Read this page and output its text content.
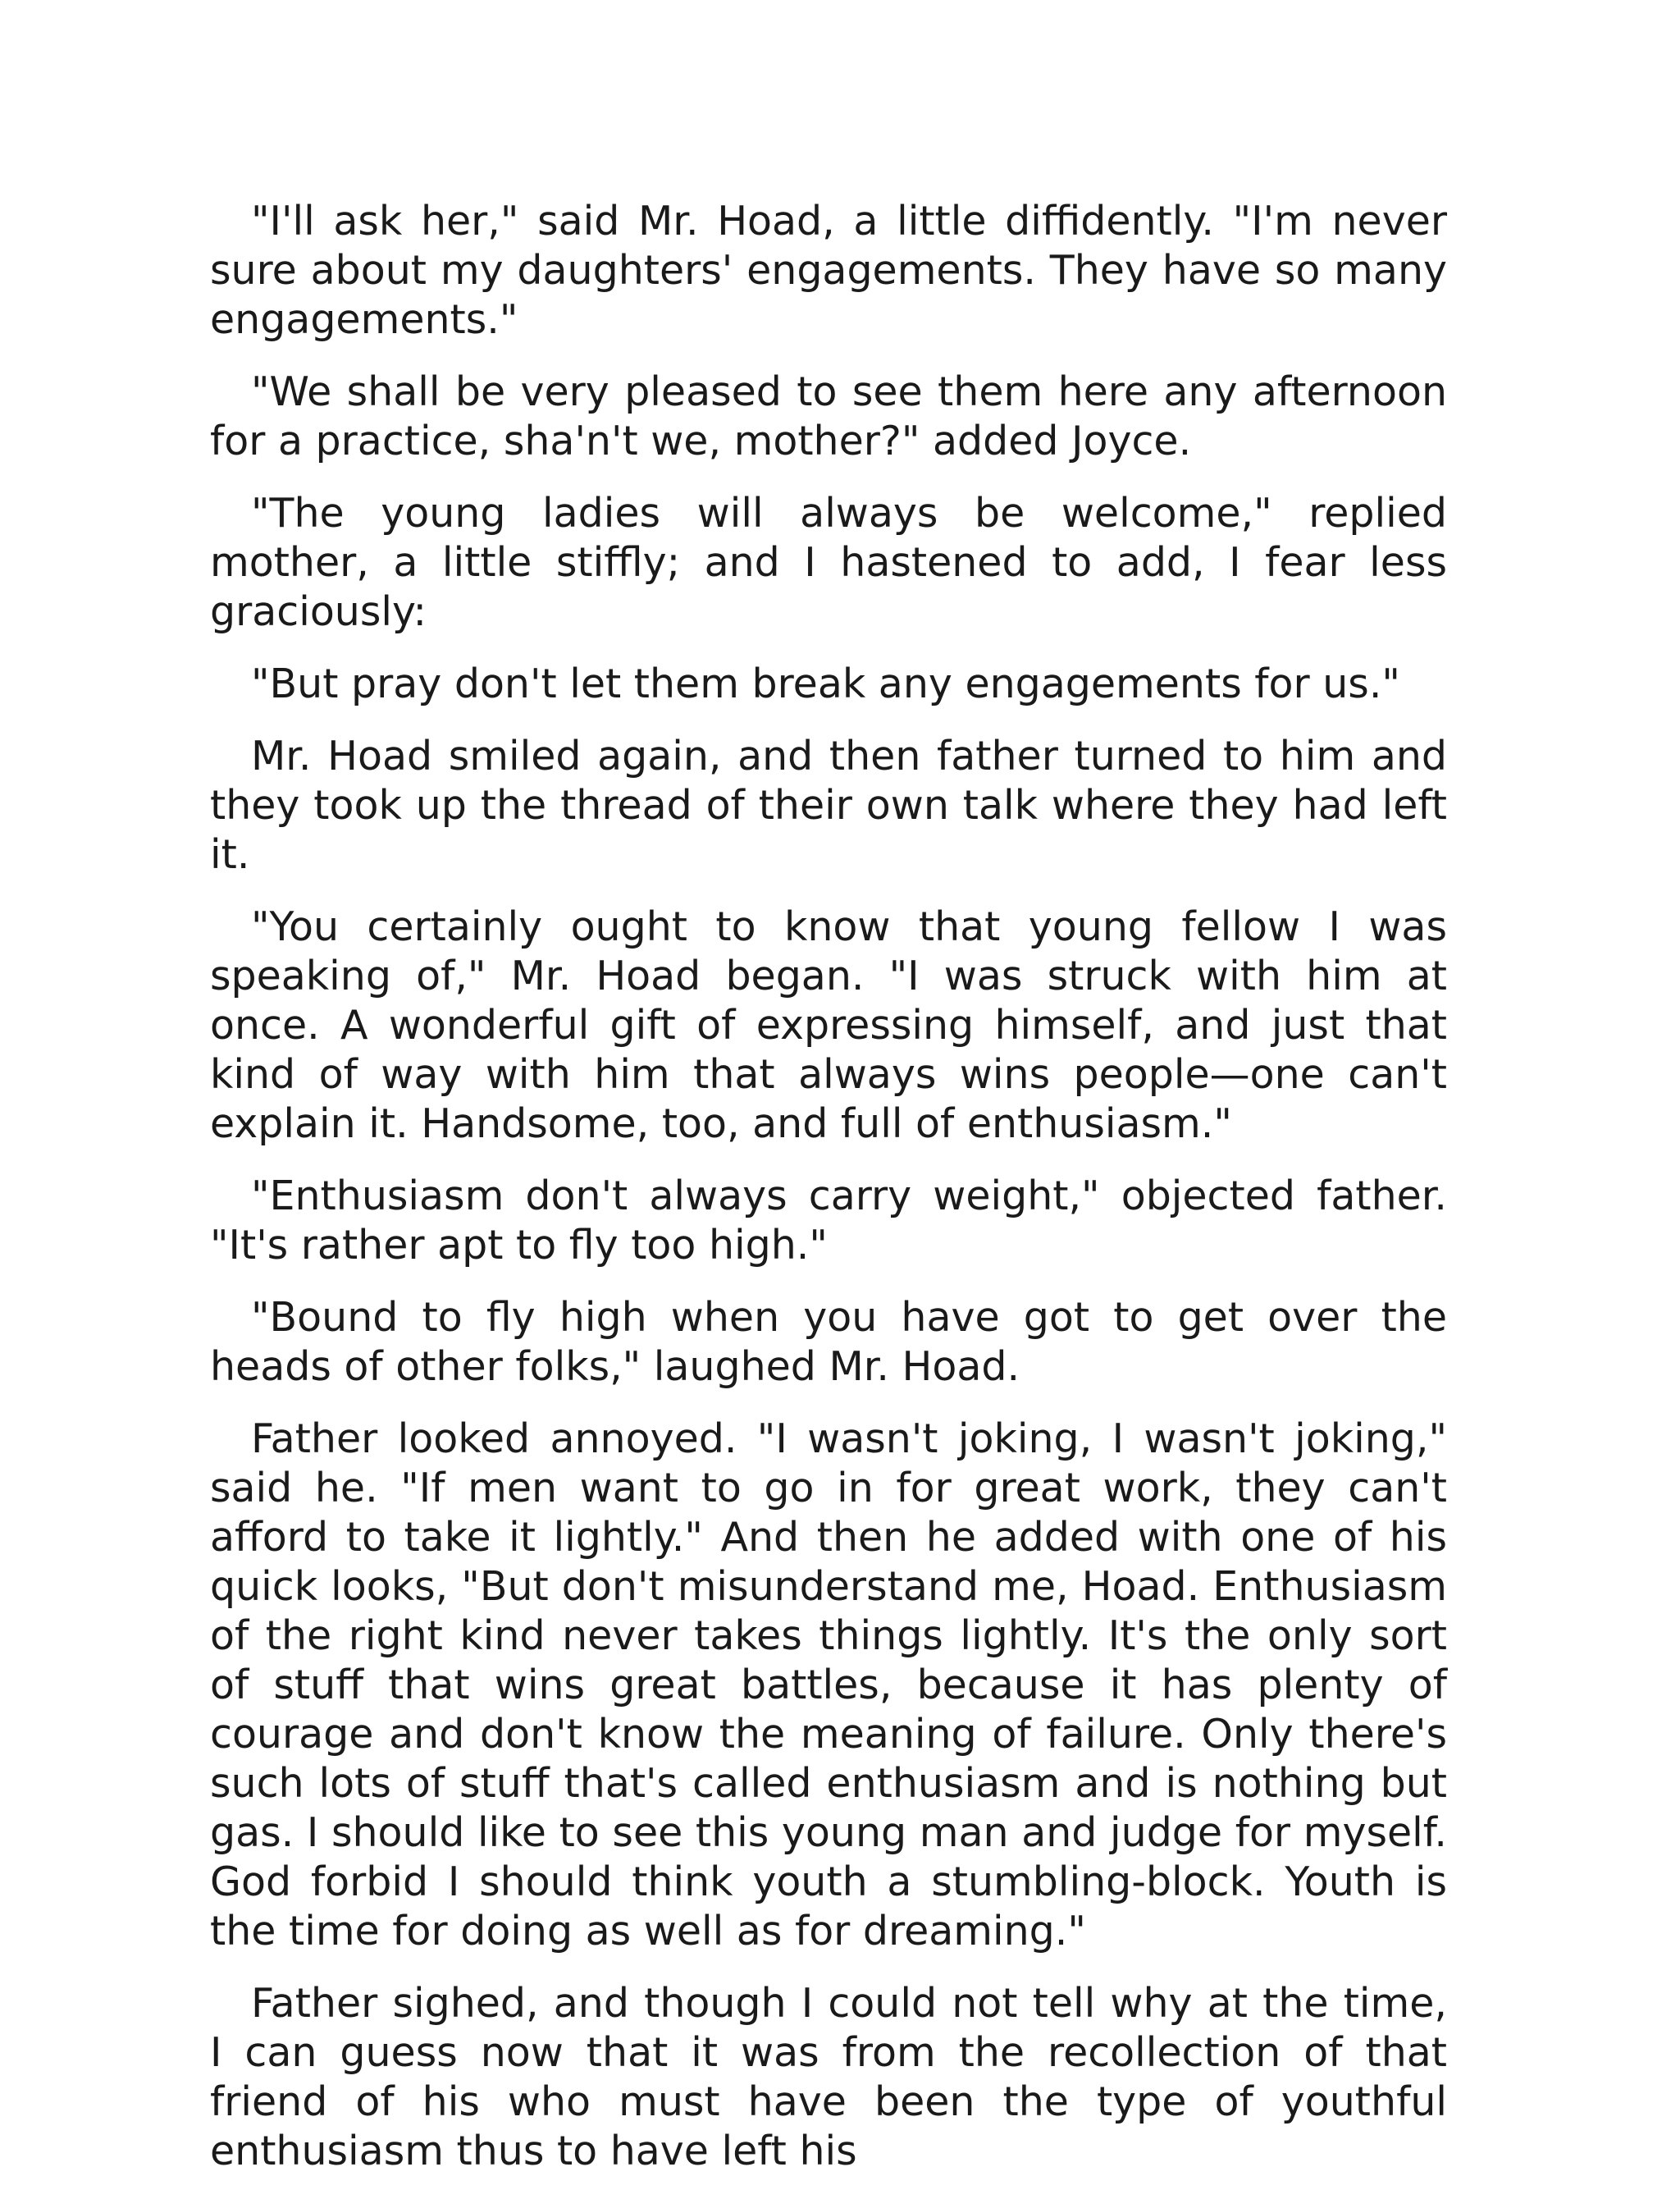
"I'll ask her," said Mr. Hoad, a little diffidently. "I'm never sure about my daughters' engagements. They have so many engagements."

"We shall be very pleased to see them here any afternoon for a practice, sha'n't we, mother?" added Joyce.

"The young ladies will always be welcome," replied mother, a little stiffly; and I hastened to add, I fear less graciously:

"But pray don't let them break any engagements for us."

Mr. Hoad smiled again, and then father turned to him and they took up the thread of their own talk where they had left it.

"You certainly ought to know that young fellow I was speaking of," Mr. Hoad began. "I was struck with him at once. A wonderful gift of expressing himself, and just that kind of way with him that always wins people—one can't explain it. Handsome, too, and full of enthusiasm."

"Enthusiasm don't always carry weight," objected father. "It's rather apt to fly too high."

"Bound to fly high when you have got to get over the heads of other folks," laughed Mr. Hoad.

Father looked annoyed. "I wasn't joking, I wasn't joking," said he. "If men want to go in for great work, they can't afford to take it lightly." And then he added with one of his quick looks, "But don't misunderstand me, Hoad. Enthusiasm of the right kind never takes things lightly. It's the only sort of stuff that wins great battles, because it has plenty of courage and don't know the meaning of failure. Only there's such lots of stuff that's called enthusiasm and is nothing but gas. I should like to see this young man and judge for myself. God forbid I should think youth a stumbling-block. Youth is the time for doing as well as for dreaming."

Father sighed, and though I could not tell why at the time, I can guess now that it was from the recollection of that friend of his who must have been the type of youthful enthusiasm thus to have left his
